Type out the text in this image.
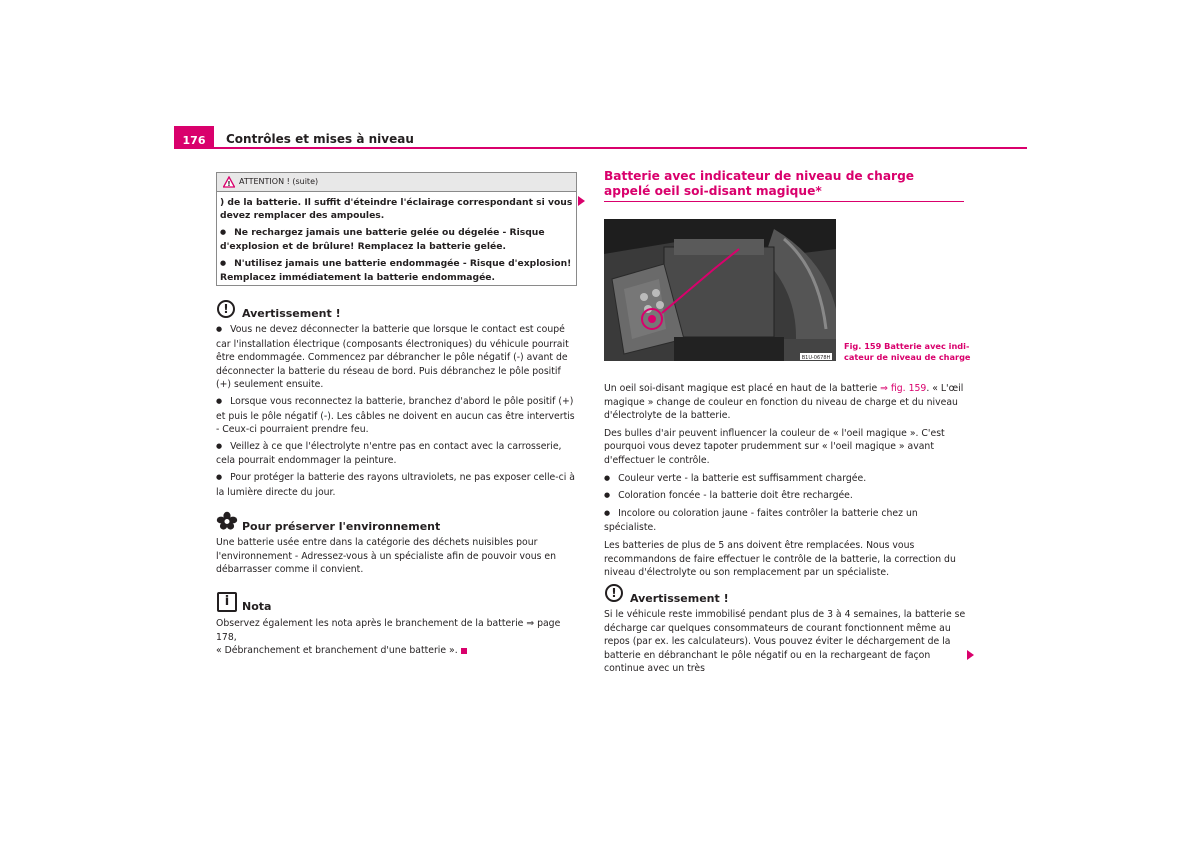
176	Contrôles et mises à niveau
! ATTENTION ! (suite)

) de la batterie. Il suffit d'éteindre l'éclairage correspondant si vous devez remplacer des ampoules.

● Ne rechargez jamais une batterie gelée ou dégelée - Risque d'explosion et de brûlure! Remplacez la batterie gelée.

● N'utilisez jamais une batterie endommagée - Risque d'explosion! Remplacez immédiatement la batterie endommagée.

!	Avertissement !

● Vous ne devez déconnecter la batterie que lorsque le contact est coupé car l'installation électrique (composants électroniques) du véhicule pourrait être endommagée. Commencez par débrancher le pôle négatif (-) avant de déconnecter la batterie du réseau de bord. Puis débranchez le pôle positif (+) seulement ensuite.

● Lorsque vous reconnectez la batterie, branchez d'abord le pôle positif (+) et puis le pôle négatif (-). Les câbles ne doivent en aucun cas être intervertis - Ceux-ci pourraient prendre feu.

● Veillez à ce que l'électrolyte n'entre pas en contact avec la carrosserie, cela pourrait endommager la peinture.

● Pour protéger la batterie des rayons ultraviolets, ne pas exposer celle-ci à la lumière directe du jour.

Pour préserver l'environnement

Une batterie usée entre dans la catégorie des déchets nuisibles pour l'environnement - Adressez-vous à un spécialiste afin de pouvoir vous en débarrasser comme il convient.

i	Nota

Observez également les nota après le branchement de la batterie ⇒ page 178,

« Débranchement et branchement d'une batterie ».

Batterie avec indicateur de niveau de charge appelé oeil soi-disant magique*
B1U-0678H
Fig. 159 Batterie avec indi-
cateur de niveau de charge

Un oeil soi-disant magique est placé en haut de la batterie ⇒ fig. 159. « L'œil magique » change de couleur en fonction du niveau de charge et du niveau d'électrolyte de la batterie.

Des bulles d'air peuvent influencer la couleur de « l'oeil magique ». C'est pourquoi vous devez tapoter prudemment sur « l'oeil magique » avant d'effectuer le contrôle.

● Couleur verte - la batterie est suffisamment chargée.

● Coloration foncée - la batterie doit être rechargée.

● Incolore ou coloration jaune - faites contrôler la batterie chez un spécialiste.

Les batteries de plus de 5 ans doivent être remplacées. Nous vous recommandons de faire effectuer le contrôle de la batterie, la correction du niveau d'électrolyte ou son remplacement par un spécialiste.

!	Avertissement !

Si le véhicule reste immobilisé pendant plus de 3 à 4 semaines, la batterie se décharge car quelques consommateurs de courant fonctionnent même au repos (par ex. les calculateurs). Vous pouvez éviter le déchargement de la batterie en débranchant le pôle négatif ou en la rechargeant de façon continue avec un très
